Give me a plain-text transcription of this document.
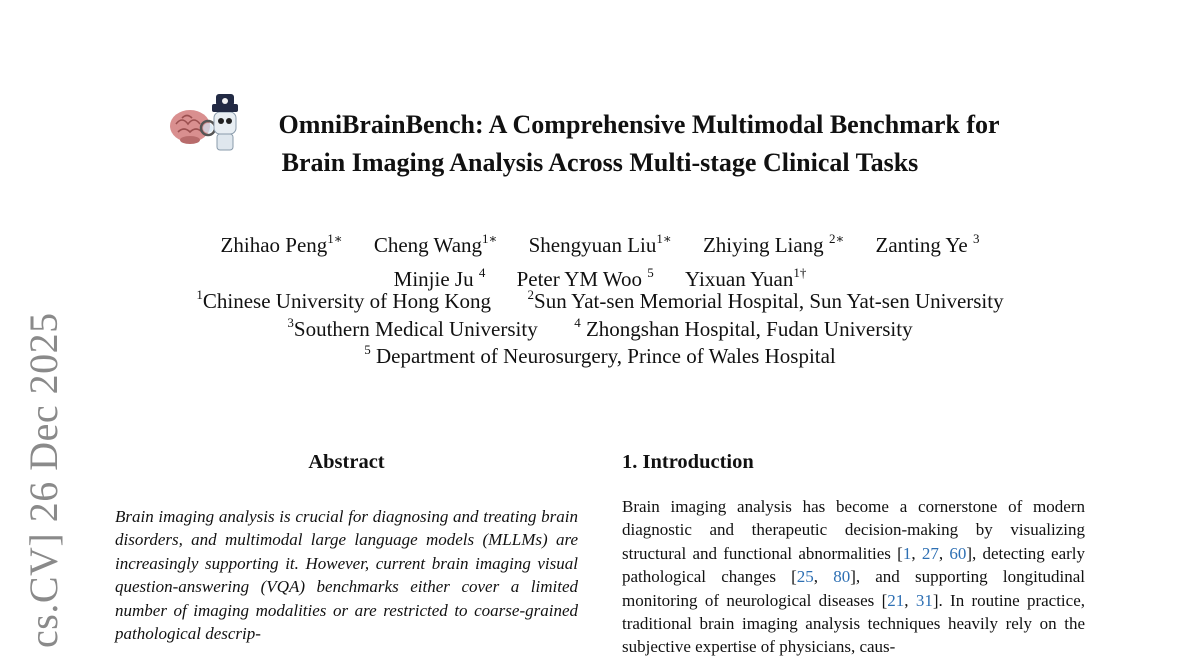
cs.CV] 26 Dec 2025
OmniBrainBench: A Comprehensive Multimodal Benchmark for
Brain Imaging Analysis Across Multi-stage Clinical Tasks
Zhihao Peng$^{1∗}$ Cheng Wang$^{1∗}$ Shengyuan Liu$^{1∗}$ Zhiying Liang $^{2∗}$ Zanting Ye $^3$
Minjie Ju $^4$ Peter YM Woo $^5$ Yixuan Yuan$^{1\dagger}$
$^1$Chinese University of Hong Kong	$^2$Sun Yat-sen Memorial Hospital, Sun Yat-sen University
$^3$Southern Medical University	$^4$ Zhongshan Hospital, Fudan University
$^5$ Department of Neurosurgery, Prince of Wales Hospital
Abstract

Brain imaging analysis is crucial for diagnosing and treating brain disorders, and multimodal large language models (MLLMs) are increasingly supporting it. However, current brain imaging visual question-answering (VQA) benchmarks either cover a limited number of imaging modalities or are restricted to coarse-grained pathological descrip-

1. Introduction

Brain imaging analysis has become a cornerstone of modern diagnostic and therapeutic decision-making by visualizing structural and functional abnormalities [1, 27, 60], detecting early pathological changes [25, 80], and supporting longitudinal monitoring of neurological diseases [21, 31]. In routine practice, traditional brain imaging analysis techniques heavily rely on the subjective expertise of physicians, caus-
